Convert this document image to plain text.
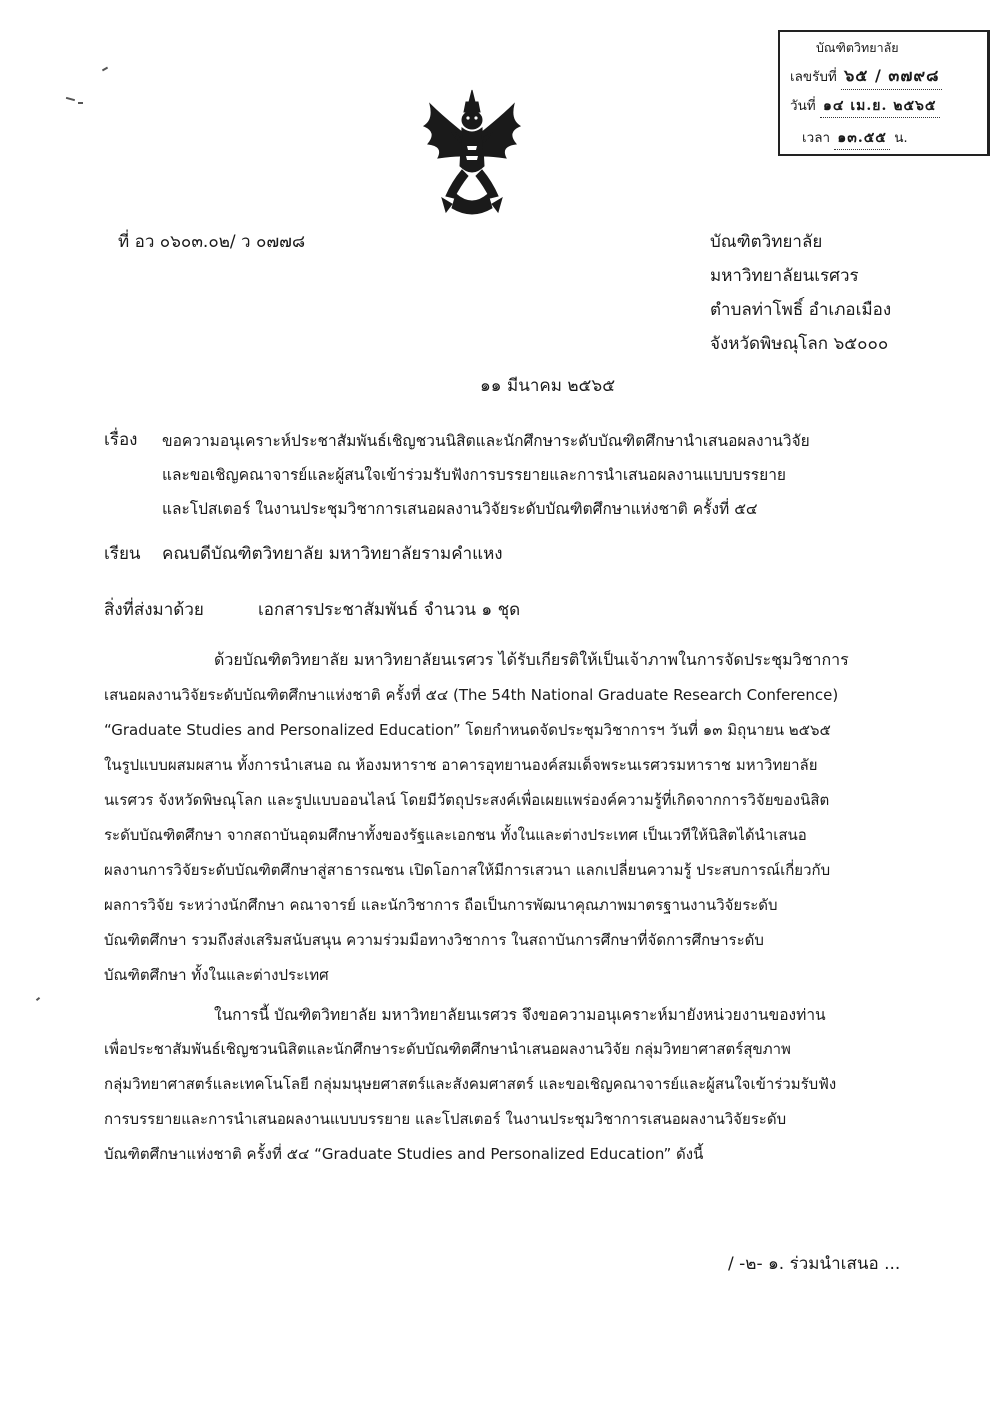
บัณฑิตวิทยาลัย
เลขรับที่ ๖๕ / ๓๗๙๘
วันที่ ๑๔ เม.ย. ๒๕๖๕
เวลา ๑๓.๕๕ น.
ที่ อว ๐๖๐๓.๐๒/ ว ๐๗๗๘	บัณฑิตวิทยาลัย
มหาวิทยาลัยนเรศวร
ตำบลท่าโพธิ์ อำเภอเมือง
จังหวัดพิษณุโลก ๖๕๐๐๐
๑๑ มีนาคม ๒๕๖๕
เรื่อง ขอความอนุเคราะห์ประชาสัมพันธ์เชิญชวนนิสิตและนักศึกษาระดับบัณฑิตศึกษานำเสนอผลงานวิจัย
และขอเชิญคณาจารย์และผู้สนใจเข้าร่วมรับฟังการบรรยายและการนำเสนอผลงานแบบบรรยาย
และโปสเตอร์ ในงานประชุมวิชาการเสนอผลงานวิจัยระดับบัณฑิตศึกษาแห่งชาติ ครั้งที่ ๕๔
เรียน คณบดีบัณฑิตวิทยาลัย มหาวิทยาลัยรามคำแหง
สิ่งที่ส่งมาด้วย	เอกสารประชาสัมพันธ์ จำนวน ๑ ชุด
ด้วยบัณฑิตวิทยาลัย มหาวิทยาลัยนเรศวร ได้รับเกียรติให้เป็นเจ้าภาพในการจัดประชุมวิชาการ
เสนอผลงานวิจัยระดับบัณฑิตศึกษาแห่งชาติ ครั้งที่ ๕๔ (The 54th National Graduate Research Conference)
“Graduate Studies and Personalized Education” โดยกำหนดจัดประชุมวิชาการฯ วันที่ ๑๓ มิถุนายน ๒๕๖๕
ในรูปแบบผสมผสาน ทั้งการนำเสนอ ณ ห้องมหาราช อาคารอุทยานองค์สมเด็จพระนเรศวรมหาราช มหาวิทยาลัย
นเรศวร จังหวัดพิษณุโลก และรูปแบบออนไลน์ โดยมีวัตถุประสงค์เพื่อเผยแพร่องค์ความรู้ที่เกิดจากการวิจัยของนิสิต
ระดับบัณฑิตศึกษา จากสถาบันอุดมศึกษาทั้งของรัฐและเอกชน ทั้งในและต่างประเทศ เป็นเวทีให้นิสิตได้นำเสนอ
ผลงานการวิจัยระดับบัณฑิตศึกษาสู่สาธารณชน เปิดโอกาสให้มีการเสวนา แลกเปลี่ยนความรู้ ประสบการณ์เกี่ยวกับ
ผลการวิจัย ระหว่างนักศึกษา คณาจารย์ และนักวิชาการ ถือเป็นการพัฒนาคุณภาพมาตรฐานงานวิจัยระดับ
บัณฑิตศึกษา รวมถึงส่งเสริมสนับสนุน ความร่วมมือทางวิชาการ ในสถาบันการศึกษาที่จัดการศึกษาระดับ
บัณฑิตศึกษา ทั้งในและต่างประเทศ
ในการนี้ บัณฑิตวิทยาลัย มหาวิทยาลัยนเรศวร จึงขอความอนุเคราะห์มายังหน่วยงานของท่าน
เพื่อประชาสัมพันธ์เชิญชวนนิสิตและนักศึกษาระดับบัณฑิตศึกษานำเสนอผลงานวิจัย กลุ่มวิทยาศาสตร์สุขภาพ
กลุ่มวิทยาศาสตร์และเทคโนโลยี กลุ่มมนุษยศาสตร์และสังคมศาสตร์ และขอเชิญคณาจารย์และผู้สนใจเข้าร่วมรับฟัง
การบรรยายและการนำเสนอผลงานแบบบรรยาย และโปสเตอร์ ในงานประชุมวิชาการเสนอผลงานวิจัยระดับ
บัณฑิตศึกษาแห่งชาติ ครั้งที่ ๕๔ “Graduate Studies and Personalized Education” ดังนี้
/ -๒- ๑. ร่วมนำเสนอ ...
